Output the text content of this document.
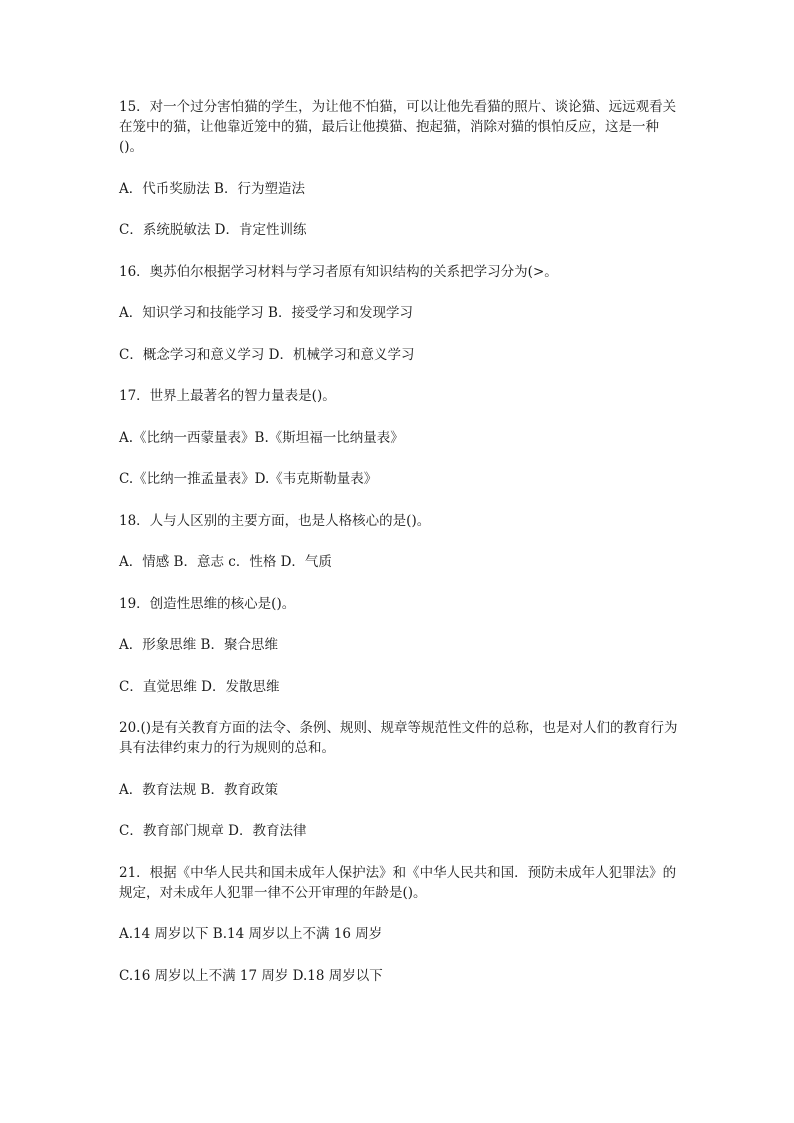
15．对一个过分害怕猫的学生，为让他不怕猫，可以让他先看猫的照片、谈论猫、远远观看关在笼中的猫，让他靠近笼中的猫，最后让他摸猫、抱起猫，消除对猫的惧怕反应，这是一种()。

A．代币奖励法 B．行为塑造法

C．系统脱敏法 D．肯定性训练

16．奥苏伯尔根据学习材料与学习者原有知识结构的关系把学习分为(>。

A．知识学习和技能学习 B．接受学习和发现学习

C．概念学习和意义学习 D．机械学习和意义学习

17．世界上最著名的智力量表是()。

A.《比纳一西蒙量表》B.《斯坦福一比纳量表》

C.《比纳一推孟量表》D.《韦克斯勒量表》

18．人与人区别的主要方面，也是人格核心的是()。

A．情感 B．意志 c．性格 D．气质

19．创造性思维的核心是()。

A．形象思维 B．聚合思维

C．直觉思维 D．发散思维

20.()是有关教育方面的法令、条例、规则、规章等规范性文件的总称，也是对人们的教育行为具有法律约束力的行为规则的总和。

A．教育法规 B．教育政策

C．教育部门规章 D．教育法律

21．根据《中华人民共和国未成年人保护法》和《中华人民共和国．预防未成年人犯罪法》的规定，对未成年人犯罪一律不公开审理的年龄是()。

A.14 周岁以下 B.14 周岁以上不满 16 周岁

C.16 周岁以上不满 17 周岁 D.18 周岁以下
